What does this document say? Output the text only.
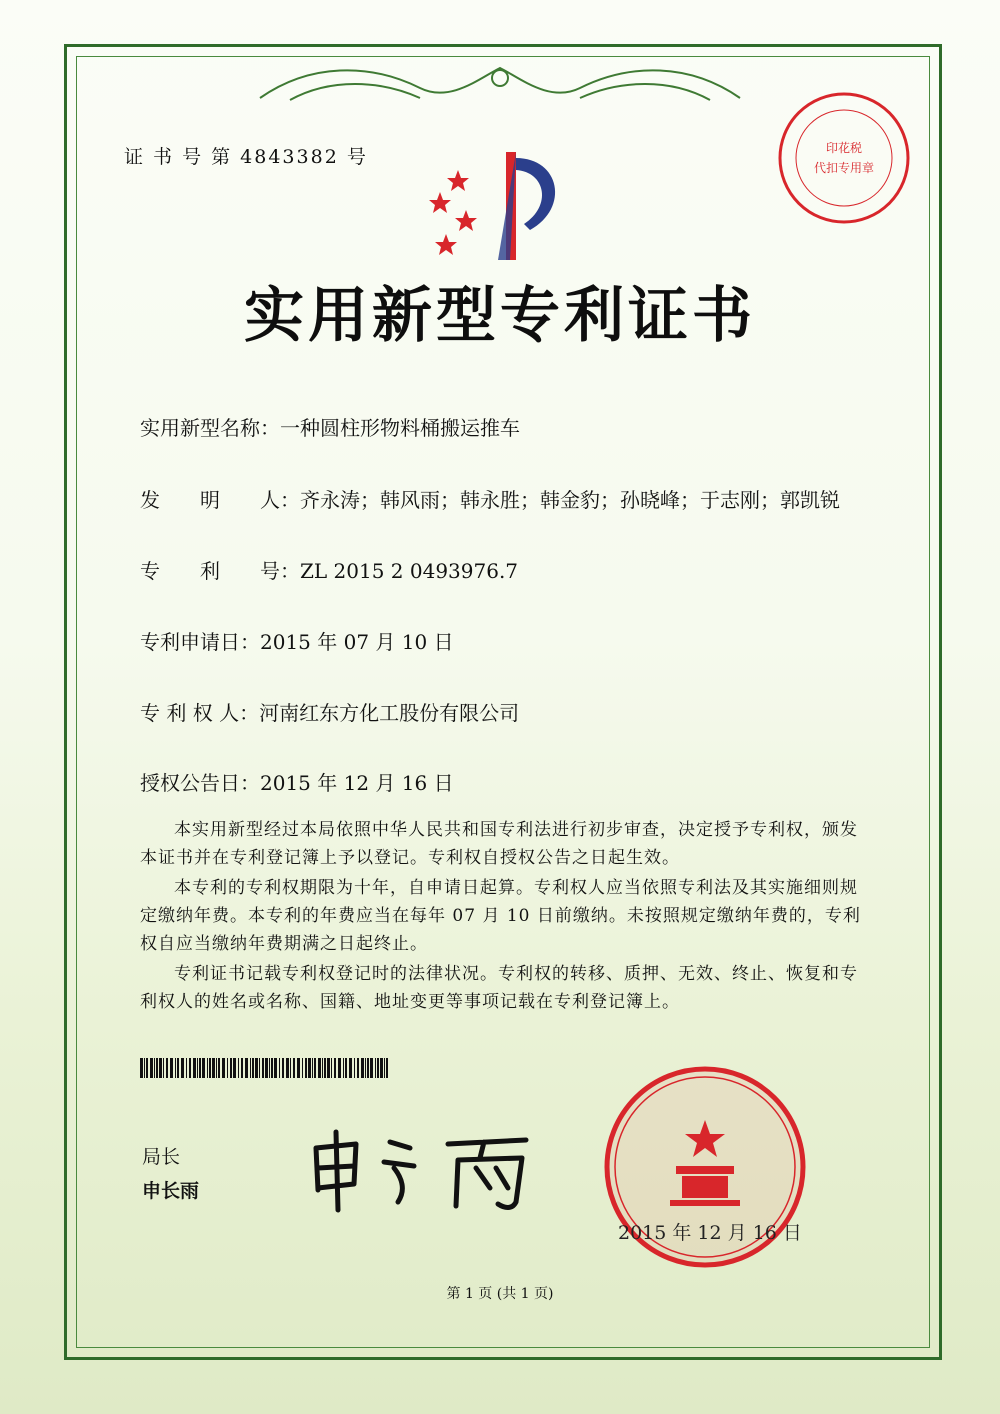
证 书 号 第 4843382 号	印花税
代扣专用章
实用新型专利证书
实用新型名称：一种圆柱形物料桶搬运推车
发　　明　　人：齐永涛；韩风雨；韩永胜；韩金豹；孙晓峰；于志刚；郭凯锐
专　　利　　号：ZL 2015 2 0493976.7
专利申请日：2015 年 07 月 10 日
专 利 权 人：河南红东方化工股份有限公司
授权公告日：2015 年 12 月 16 日
本实用新型经过本局依照中华人民共和国专利法进行初步审查，决定授予专利权，颁发本证书并在专利登记簿上予以登记。专利权自授权公告之日起生效。
本专利的专利权期限为十年，自申请日起算。专利权人应当依照专利法及其实施细则规定缴纳年费。本专利的年费应当在每年 07 月 10 日前缴纳。未按照规定缴纳年费的，专利权自应当缴纳年费期满之日起终止。
专利证书记载专利权登记时的法律状况。专利权的转移、质押、无效、终止、恢复和专利权人的姓名或名称、国籍、地址变更等事项记载在专利登记簿上。
局长
申长雨
2015 年 12 月 16 日
第 1 页 (共 1 页)
